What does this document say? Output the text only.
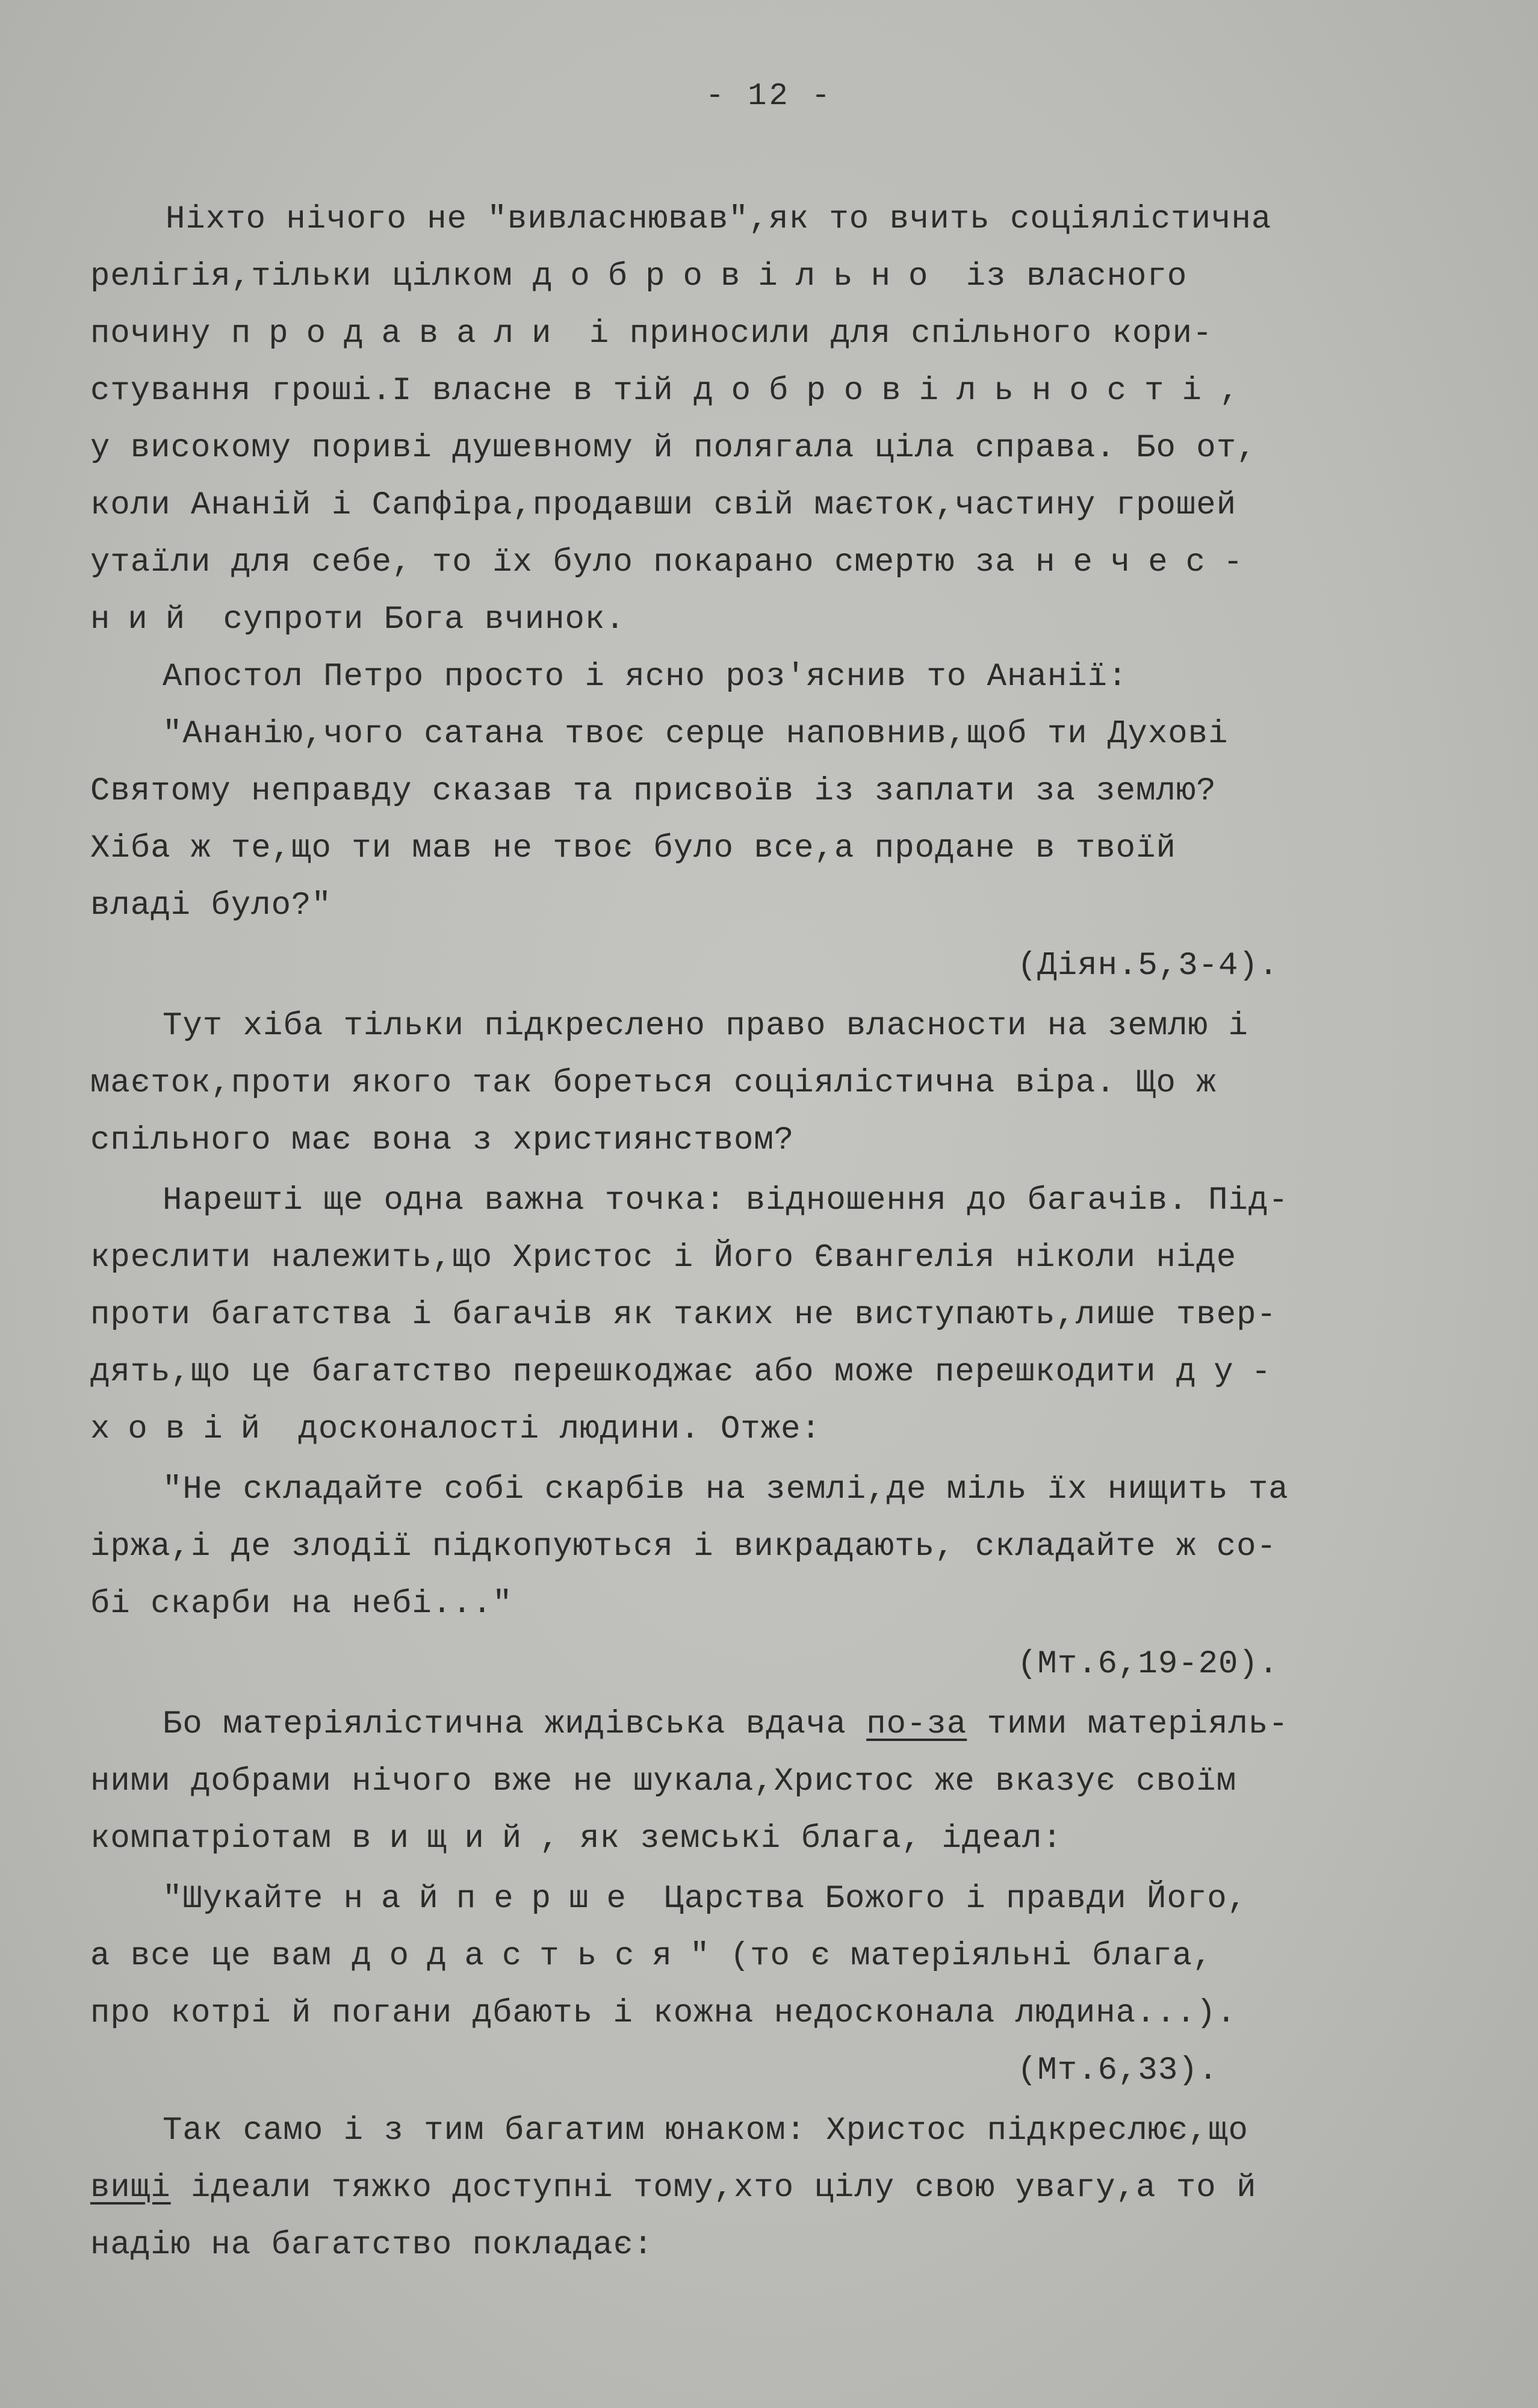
- 12 -
Ніхто нічого не "вивласнював",як то вчить соціялістична
релігія,тільки цілком добровільно із власного
почину продавали і приносили для спільного кори-
стування гроші.І власне в тій добровільності,
у високому пориві душевному й полягала ціла справа. Бо от,
коли Ананій і Сапфіра,продавши свій маєток,частину грошей
утаїли для себе, то їх було покарано смертю за нечес-
ний супроти Бога вчинок.
Апостол Петро просто і ясно роз'яснив то Ананії:
"Ананію,чого сатана твоє серце наповнив,щоб ти Духові
Святому неправду сказав та присвоїв із заплати за землю?
Хіба ж те,що ти мав не твоє було все,а продане в твоїй
владі було?"
(Діян.5,3-4).
Тут хіба тільки підкреслено право власности на землю і
маєток,проти якого так бореться соціялістична віра. Що ж
спільного має вона з християнством?
Нарешті ще одна важна точка: відношення до багачів. Під-
креслити належить,що Христос і Його Євангелія ніколи ніде
проти багатства і багачів як таких не виступають,лише твер-
дять,що це багатство перешкоджає або може перешкодити ду-
ховій досконалості людини. Отже:
"Не складайте собі скарбів на землі,де міль їх нищить та
іржа,і де злодії підкопуються і викрадають, складайте ж со-
бі скарби на небі..."
(Мт.6,19-20).
Бо матеріялістична жидівська вдача по-за тими матеріяль-
ними добрами нічого вже не шукала,Христос же вказує своїм
компатріотам вищий, як земські блага, ідеал:
"Шукайте найперше Царства Божого і правди Його,
а все це вам додасться" (то є матеріяльні блага,
про котрі й погани дбають і кожна недосконала людина...).
(Мт.6,33).
Так само і з тим багатим юнаком: Христос підкреслює,що
вищі ідеали тяжко доступні тому,хто цілу свою увагу,а то й
надію на багатство покладає:
